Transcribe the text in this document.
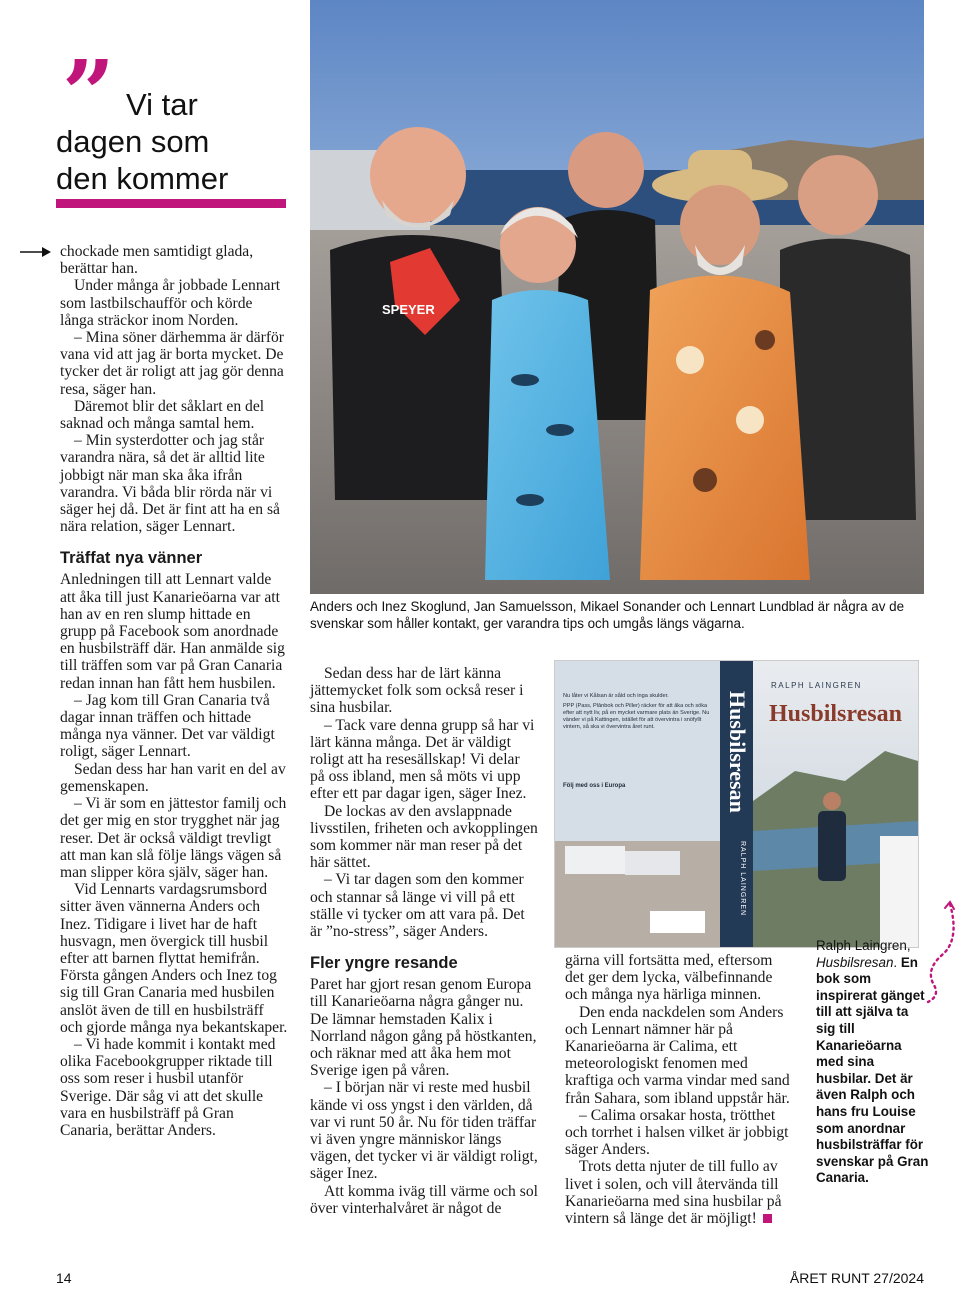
” Vi tar
dagen som
den kommer

chockade men samtidigt glada, berättar han.

Under många år jobbade Lennart som lastbilschaufför och körde långa sträckor inom Norden.

– Mina söner därhemma är därför vana vid att jag är borta mycket. De tycker det är roligt att jag gör denna resa, säger han.

Däremot blir det såklart en del saknad och många samtal hem.

– Min systerdotter och jag står varandra nära, så det är alltid lite jobbigt när man ska åka ifrån varandra. Vi båda blir rörda när vi säger hej då. Det är fint att ha en så nära relation, säger Lennart.

Träffat nya vänner

Anledningen till att Lennart valde att åka till just Kanarieöarna var att han av en ren slump hittade en grupp på Facebook som anordnade en husbilsträff där. Han anmälde sig till träffen som var på Gran Canaria redan innan han fått hem husbilen.

– Jag kom till Gran Canaria två dagar innan träffen och hittade många nya vänner. Det var väldigt roligt, säger Lennart.

Sedan dess har han varit en del av gemenskapen.

– Vi är som en jättestor familj och det ger mig en stor trygghet när jag reser. Det är också väldigt trevligt att man kan slå följe längs vägen så man slipper köra själv, säger han.

Vid Lennarts vardagsrumsbord sitter även vännerna Anders och Inez. Tidigare i livet har de haft husvagn, men övergick till husbil efter att barnen flyttat hemifrån. Första gången Anders och Inez tog sig till Gran Canaria med husbilen anslöt även de till en husbilsträff och gjorde många nya bekantskaper.

– Vi hade kommit i kontakt med olika Facebookgrupper riktade till oss som reser i husbil utanför Sverige. Där såg vi att det skulle vara en husbilsträff på Gran Canaria, berättar Anders.

SPEYER
Anders och Inez Skoglund, Jan Samuelsson, Mikael Sonander och Lennart Lundblad är några av de svenskar som håller kontakt, ger varandra tips och umgås längs vägarna.

Sedan dess har de lärt känna jättemycket folk som också reser i sina husbilar.

– Tack vare denna grupp så har vi lärt känna många. Det är väldigt roligt att ha resesällskap! Vi delar på oss ibland, men så möts vi upp efter ett par dagar igen, säger Inez.

De lockas av den avslappnade livsstilen, friheten och avkopplingen som kommer när man reser på det här sättet.

– Vi tar dagen som den kommer och stannar så länge vi vill på ett ställe vi tycker om att vara på. Det är ”no-stress”, säger Anders.

Fler yngre resande

Paret har gjort resan genom Europa till Kanarieöarna några gånger nu. De lämnar hemstaden Kalix i Norrland någon gång på höstkanten, och räknar med att åka hem mot Sverige igen på våren.

– I början när vi reste med husbil kände vi oss yngst i den världen, då var vi runt 50 år. Nu för tiden träffar vi även yngre människor längs vägen, det tycker vi är väldigt roligt, säger Inez.

Att komma iväg till värme och sol över vinterhalvåret är något de

Nu låter vi Kålsan är såld och inga skulder.
PPP (Pass, Plånbok och Piller) räcker för att åka och söka efter att nytt liv, på en mycket varmare plats än Sverige. Nu vänder vi på Kattingen, istället för att övervintra i snöfyllt vintern, så ska vi övervintra året runt.
Följ med oss i Europa	Husbilsresan
RALPH LAINGREN
RALPH LAINGREN
Husbilsresan
Ralph Laingren,
Husbilsresan. En bok som inspirerat gänget till att själva ta sig till Kanarieöarna med sina husbilar. Det är även Ralph och hans fru Louise som anordnar husbilsträffar för svenskar på Gran Canaria.

gärna vill fortsätta med, eftersom det ger dem lycka, välbefinnande och många nya härliga minnen.

Den enda nackdelen som Anders och Lennart nämner här på Kanarieöarna är Calima, ett meteorologiskt fenomen med kraftiga och varma vindar med sand från Sahara, som ibland uppstår här.

– Calima orsakar hosta, trötthet och torrhet i halsen vilket är jobbigt säger Anders.

Trots detta njuter de till fullo av livet i solen, och vill återvända till Kanarieöarna med sina husbilar på vintern så länge det är möjligt!

14	ÅRET RUNT 27/2024
